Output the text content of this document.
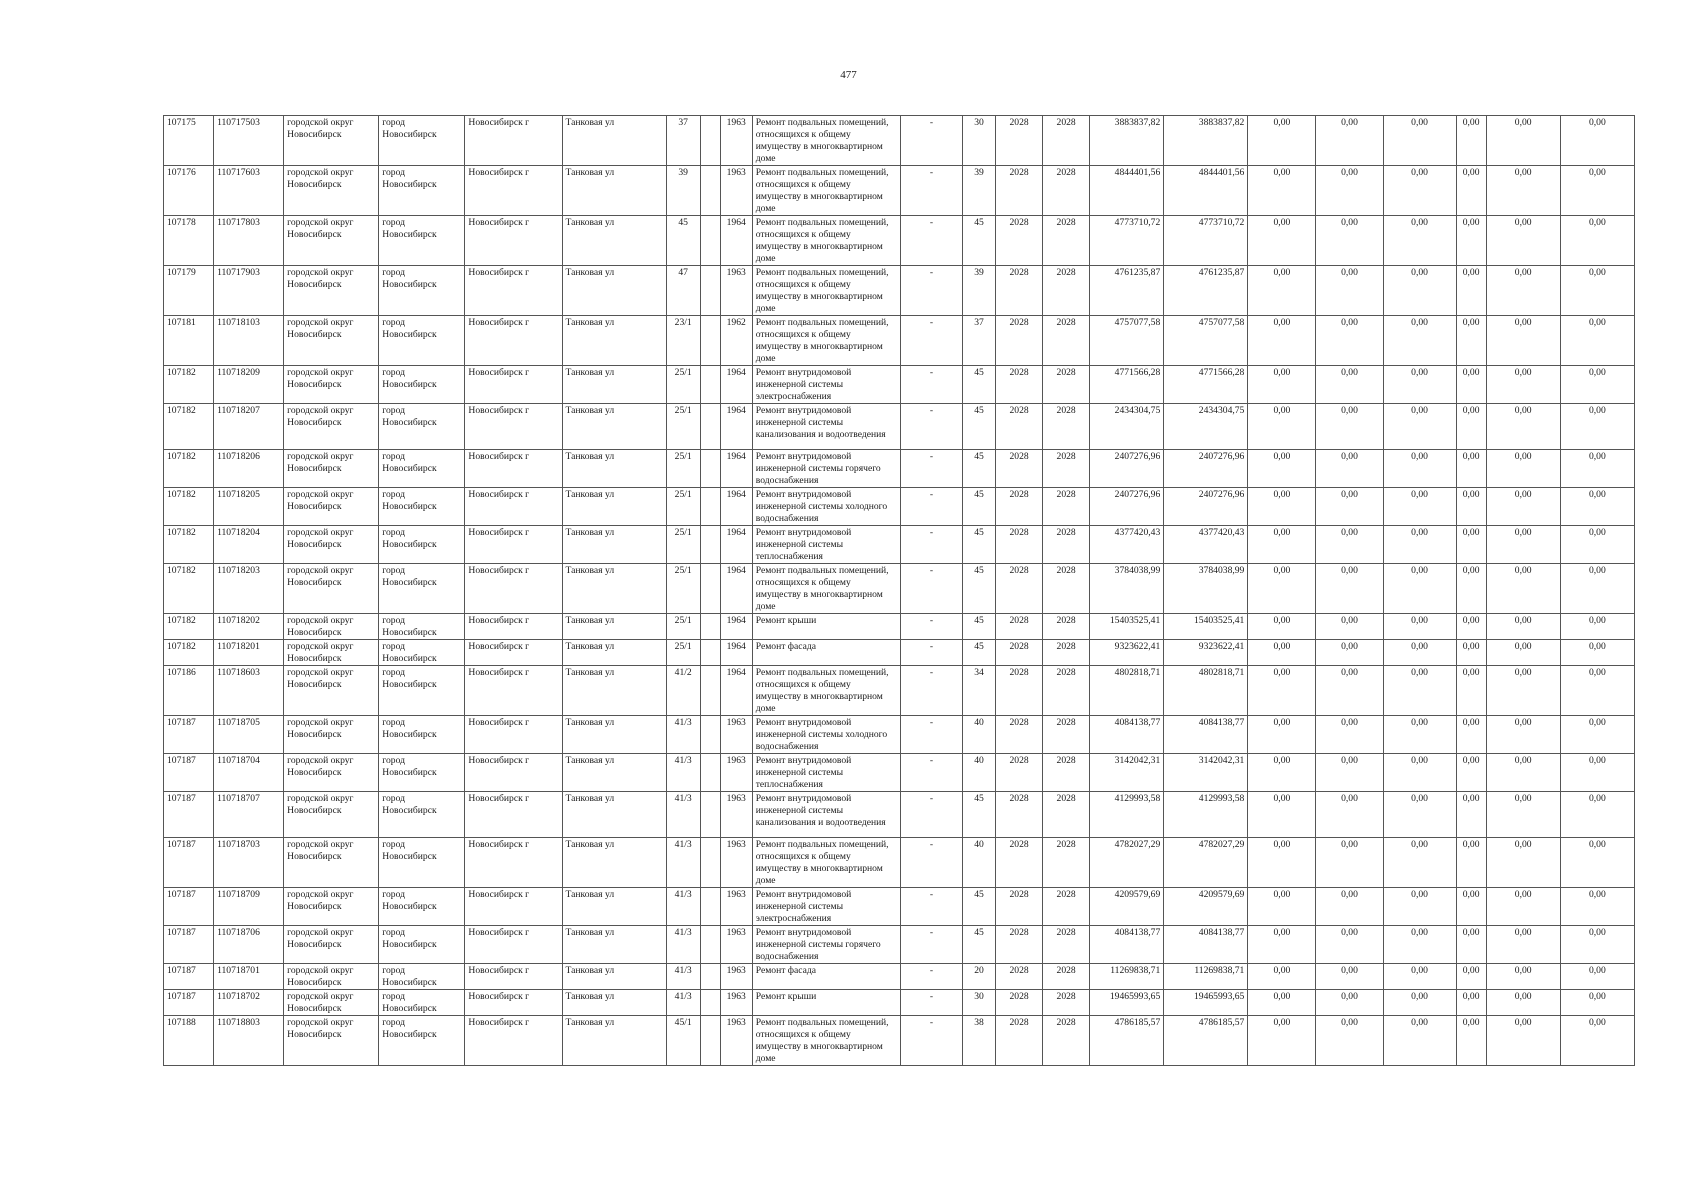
477
107175	110717503	городской округ Новосибирск	город Новосибирск	Новосибирск г	Танковая ул	37		1963	Ремонт подвальных помещений, относящихся к общему имуществу в многоквартирном доме	-	30	2028	2028	3883837,82	3883837,82	0,00	0,00	0,00	0,00	0,00	0,00
107176	110717603	городской округ Новосибирск	город Новосибирск	Новосибирск г	Танковая ул	39		1963	Ремонт подвальных помещений, относящихся к общему имуществу в многоквартирном доме	-	39	2028	2028	4844401,56	4844401,56	0,00	0,00	0,00	0,00	0,00	0,00
107178	110717803	городской округ Новосибирск	город Новосибирск	Новосибирск г	Танковая ул	45		1964	Ремонт подвальных помещений, относящихся к общему имуществу в многоквартирном доме	-	45	2028	2028	4773710,72	4773710,72	0,00	0,00	0,00	0,00	0,00	0,00
107179	110717903	городской округ Новосибирск	город Новосибирск	Новосибирск г	Танковая ул	47		1963	Ремонт подвальных помещений, относящихся к общему имуществу в многоквартирном доме	-	39	2028	2028	4761235,87	4761235,87	0,00	0,00	0,00	0,00	0,00	0,00
107181	110718103	городской округ Новосибирск	город Новосибирск	Новосибирск г	Танковая ул	23/1		1962	Ремонт подвальных помещений, относящихся к общему имуществу в многоквартирном доме	-	37	2028	2028	4757077,58	4757077,58	0,00	0,00	0,00	0,00	0,00	0,00
107182	110718209	городской округ Новосибирск	город Новосибирск	Новосибирск г	Танковая ул	25/1		1964	Ремонт внутридомовой инженерной системы электроснабжения	-	45	2028	2028	4771566,28	4771566,28	0,00	0,00	0,00	0,00	0,00	0,00
107182	110718207	городской округ Новосибирск	город Новосибирск	Новосибирск г	Танковая ул	25/1		1964	Ремонт внутридомовой инженерной системы канализования и водоотведения	-	45	2028	2028	2434304,75	2434304,75	0,00	0,00	0,00	0,00	0,00	0,00
107182	110718206	городской округ Новосибирск	город Новосибирск	Новосибирск г	Танковая ул	25/1		1964	Ремонт внутридомовой инженерной системы горячего водоснабжения	-	45	2028	2028	2407276,96	2407276,96	0,00	0,00	0,00	0,00	0,00	0,00
107182	110718205	городской округ Новосибирск	город Новосибирск	Новосибирск г	Танковая ул	25/1		1964	Ремонт внутридомовой инженерной системы холодного водоснабжения	-	45	2028	2028	2407276,96	2407276,96	0,00	0,00	0,00	0,00	0,00	0,00
107182	110718204	городской округ Новосибирск	город Новосибирск	Новосибирск г	Танковая ул	25/1		1964	Ремонт внутридомовой инженерной системы теплоснабжения	-	45	2028	2028	4377420,43	4377420,43	0,00	0,00	0,00	0,00	0,00	0,00
107182	110718203	городской округ Новосибирск	город Новосибирск	Новосибирск г	Танковая ул	25/1		1964	Ремонт подвальных помещений, относящихся к общему имуществу в многоквартирном доме	-	45	2028	2028	3784038,99	3784038,99	0,00	0,00	0,00	0,00	0,00	0,00
107182	110718202	городской округ Новосибирск	город Новосибирск	Новосибирск г	Танковая ул	25/1		1964	Ремонт крыши	-	45	2028	2028	15403525,41	15403525,41	0,00	0,00	0,00	0,00	0,00	0,00
107182	110718201	городской округ Новосибирск	город Новосибирск	Новосибирск г	Танковая ул	25/1		1964	Ремонт фасада	-	45	2028	2028	9323622,41	9323622,41	0,00	0,00	0,00	0,00	0,00	0,00
107186	110718603	городской округ Новосибирск	город Новосибирск	Новосибирск г	Танковая ул	41/2		1964	Ремонт подвальных помещений, относящихся к общему имуществу в многоквартирном доме	-	34	2028	2028	4802818,71	4802818,71	0,00	0,00	0,00	0,00	0,00	0,00
107187	110718705	городской округ Новосибирск	город Новосибирск	Новосибирск г	Танковая ул	41/3		1963	Ремонт внутридомовой инженерной системы холодного водоснабжения	-	40	2028	2028	4084138,77	4084138,77	0,00	0,00	0,00	0,00	0,00	0,00
107187	110718704	городской округ Новосибирск	город Новосибирск	Новосибирск г	Танковая ул	41/3		1963	Ремонт внутридомовой инженерной системы теплоснабжения	-	40	2028	2028	3142042,31	3142042,31	0,00	0,00	0,00	0,00	0,00	0,00
107187	110718707	городской округ Новосибирск	город Новосибирск	Новосибирск г	Танковая ул	41/3		1963	Ремонт внутридомовой инженерной системы канализования и водоотведения	-	45	2028	2028	4129993,58	4129993,58	0,00	0,00	0,00	0,00	0,00	0,00
107187	110718703	городской округ Новосибирск	город Новосибирск	Новосибирск г	Танковая ул	41/3		1963	Ремонт подвальных помещений, относящихся к общему имуществу в многоквартирном доме	-	40	2028	2028	4782027,29	4782027,29	0,00	0,00	0,00	0,00	0,00	0,00
107187	110718709	городской округ Новосибирск	город Новосибирск	Новосибирск г	Танковая ул	41/3		1963	Ремонт внутридомовой инженерной системы электроснабжения	-	45	2028	2028	4209579,69	4209579,69	0,00	0,00	0,00	0,00	0,00	0,00
107187	110718706	городской округ Новосибирск	город Новосибирск	Новосибирск г	Танковая ул	41/3		1963	Ремонт внутридомовой инженерной системы горячего водоснабжения	-	45	2028	2028	4084138,77	4084138,77	0,00	0,00	0,00	0,00	0,00	0,00
107187	110718701	городской округ Новосибирск	город Новосибирск	Новосибирск г	Танковая ул	41/3		1963	Ремонт фасада	-	20	2028	2028	11269838,71	11269838,71	0,00	0,00	0,00	0,00	0,00	0,00
107187	110718702	городской округ Новосибирск	город Новосибирск	Новосибирск г	Танковая ул	41/3		1963	Ремонт крыши	-	30	2028	2028	19465993,65	19465993,65	0,00	0,00	0,00	0,00	0,00	0,00
107188	110718803	городской округ Новосибирск	город Новосибирск	Новосибирск г	Танковая ул	45/1		1963	Ремонт подвальных помещений, относящихся к общему имуществу в многоквартирном доме	-	38	2028	2028	4786185,57	4786185,57	0,00	0,00	0,00	0,00	0,00	0,00
